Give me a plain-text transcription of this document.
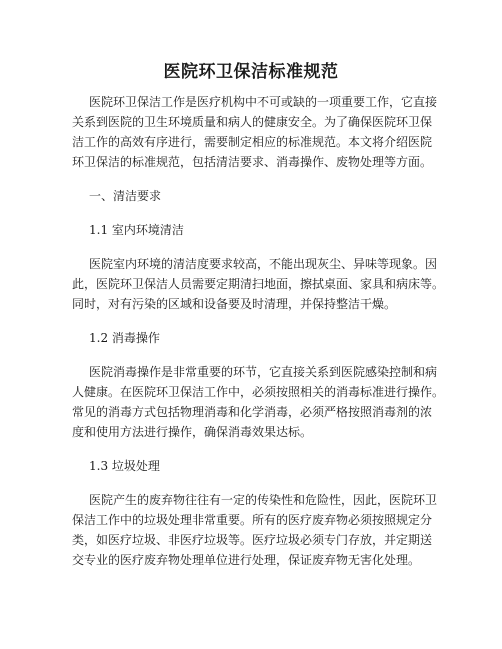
医院环卫保洁标准规范
医院环卫保洁工作是医疗机构中不可或缺的一项重要工作，它直接
关系到医院的卫生环境质量和病人的健康安全。为了确保医院环卫保
洁工作的高效有序进行，需要制定相应的标准规范。本文将介绍医院
环卫保洁的标准规范，包括清洁要求、消毒操作、废物处理等方面。
一、清洁要求
1.1 室内环境清洁
医院室内环境的清洁度要求较高，不能出现灰尘、异味等现象。因
此，医院环卫保洁人员需要定期清扫地面，擦拭桌面、家具和病床等。
同时，对有污染的区域和设备要及时清理，并保持整洁干燥。
1.2 消毒操作
医院消毒操作是非常重要的环节，它直接关系到医院感染控制和病
人健康。在医院环卫保洁工作中，必须按照相关的消毒标准进行操作。
常见的消毒方式包括物理消毒和化学消毒，必须严格按照消毒剂的浓
度和使用方法进行操作，确保消毒效果达标。
1.3 垃圾处理
医院产生的废弃物往往有一定的传染性和危险性，因此，医院环卫
保洁工作中的垃圾处理非常重要。所有的医疗废弃物必须按照规定分
类，如医疗垃圾、非医疗垃圾等。医疗垃圾必须专门存放，并定期送
交专业的医疗废弃物处理单位进行处理，保证废弃物无害化处理。
